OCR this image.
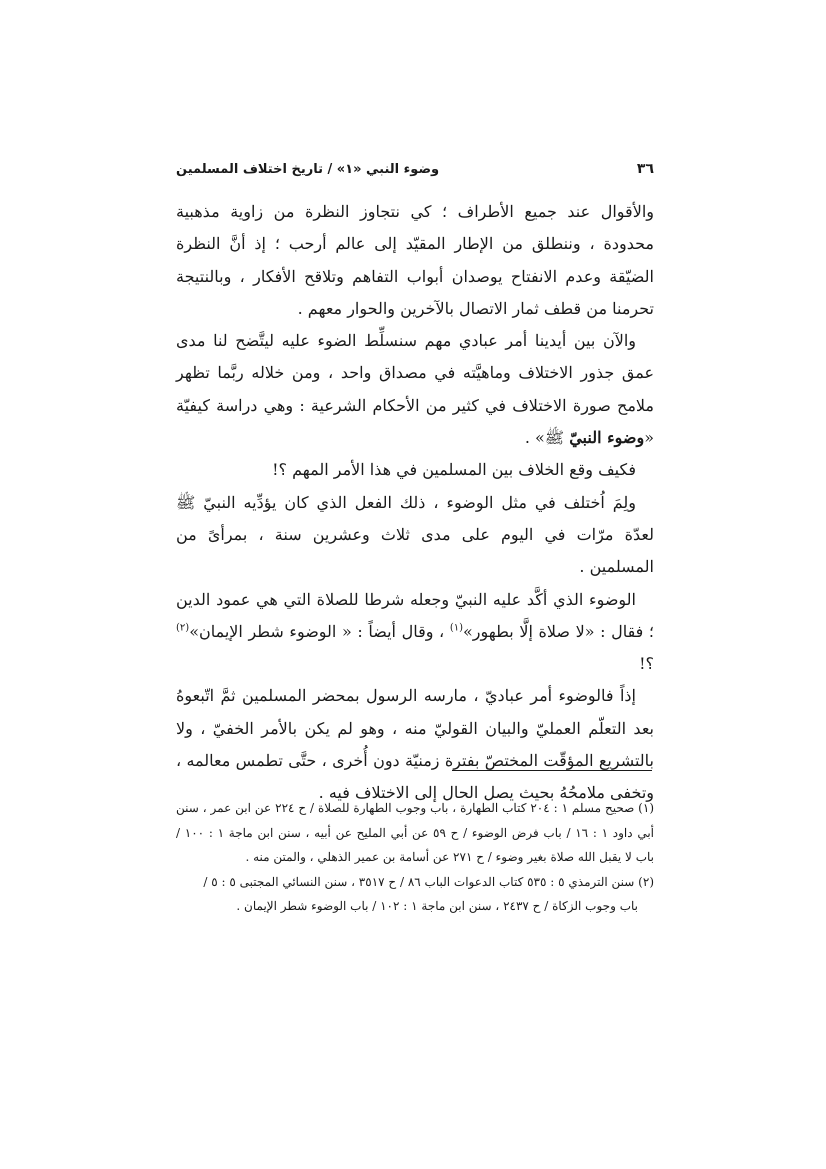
٣٦
وضوء النبي «١» / تاريخ اختلاف المسلمين

والأقوال عند جميع الأطراف ؛ كي نتجاوز النظرة من زاوية مذهبية محدودة ، وننطلق من الإطار المقيّد إلى عالم أرحب ؛ إذ أنَّ النظرة الضيّقة وعدم الانفتاح يوصدان أبواب التفاهم وتلاقح الأفكار ، وبالنتيجة تحرمنا من قطف ثمار الاتصال بالآخرين والحوار معهم .

والآن بين أيدينا أمر عبادي مهم سنسلِّط الضوء عليه ليتَّضح لنا مدى عمق جذور الاختلاف وماهيَّته في مصداق واحد ، ومن خلاله ربَّما تظهر ملامح صورة الاختلاف في كثير من الأحكام الشرعية : وهي دراسة كيفيّة «وضوء النبيّ ﷺ» .

فكيف وقع الخلاف بين المسلمين في هذا الأمر المهم ؟!

ولِمَ اُختلف في مثل الوضوء ، ذلك الفعل الذي كان يؤدِّيه النبيّ ﷺ لعدّة مرّات في اليوم على مدى ثلاث وعشرين سنة ، بمرأىً من المسلمين .

الوضوء الذي أكَّد عليه النبيّ وجعله شرطا للصلاة التي هي عمود الدين ؛ فقال : «لا صلاة إلَّا بطهور»$^{(١)}$ ، وقال أيضاً : « الوضوء شطر الإيمان»$^{(٢)}$ ؟!

إذاً فالوضوء أمر عباديّ ، مارسه الرسول بمحضر المسلمين ثمَّ اتّبعوهُ بعد التعلّم العمليّ والبيان القوليّ منه ، وهو لم يكن بالأمر الخفيّ ، ولا بالتشريع المؤقّت المختصّ بفترة زمنيّة دون أُخرى ، حتَّى تطمس معالمه ، وتخفى ملامحُهُ بحيث يصل الحال إلى الاختلاف فيه .

(١) صحيح مسلم ١ : ٢٠٤ كتاب الطهارة ، باب وجوب الطهارة للصلاة / ح ٢٢٤ عن ابن عمر ، سنن أبي داود ١ : ١٦ / باب فرض الوضوء / ح ٥٩ عن أبي المليح عن أبيه ، سنن ابن ماجة ١ : ١٠٠ / باب لا يقبل الله صلاة بغير وضوء / ح ٢٧١ عن أسامة بن عمير الذهلي ، والمتن منه .

(٢) سنن الترمذي ٥ : ٥٣٥ كتاب الدعوات الباب ٨٦ / ح ٣٥١٧ ، سنن النسائي المجتبى ٥ : ٥ /

باب وجوب الزكاة / ح ٢٤٣٧ ، سنن ابن ماجة ١ : ١٠٢ / باب الوضوء شطر الإيمان .
